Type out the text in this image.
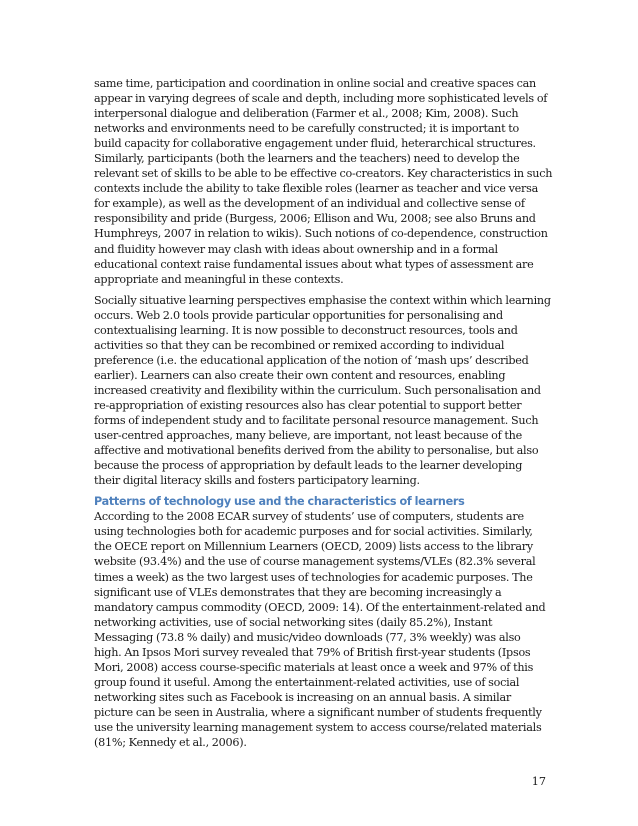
same time, participation and coordination in online social and creative spaces can
appear in varying degrees of scale and depth, including more sophisticated levels of
interpersonal dialogue and deliberation (Farmer et al., 2008; Kim, 2008). Such
networks and environments need to be carefully constructed; it is important to
build capacity for collaborative engagement under fluid, heterarchical structures.
Similarly, participants (both the learners and the teachers) need to develop the
relevant set of skills to be able to be effective co-creators. Key characteristics in such
contexts include the ability to take flexible roles (learner as teacher and vice versa
for example), as well as the development of an individual and collective sense of
responsibility and pride (Burgess, 2006; Ellison and Wu, 2008; see also Bruns and
Humphreys, 2007 in relation to wikis). Such notions of co-dependence, construction
and fluidity however may clash with ideas about ownership and in a formal
educational context raise fundamental issues about what types of assessment are
appropriate and meaningful in these contexts.

Socially situative learning perspectives emphasise the context within which learning
occurs. Web 2.0 tools provide particular opportunities for personalising and
contextualising learning. It is now possible to deconstruct resources, tools and
activities so that they can be recombined or remixed according to individual
preference (i.e. the educational application of the notion of ‘mash ups’ described
earlier). Learners can also create their own content and resources, enabling
increased creativity and flexibility within the curriculum. Such personalisation and
re-appropriation of existing resources also has clear potential to support better
forms of independent study and to facilitate personal resource management. Such
user-centred approaches, many believe, are important, not least because of the
affective and motivational benefits derived from the ability to personalise, but also
because the process of appropriation by default leads to the learner developing
their digital literacy skills and fosters participatory learning.

Patterns of technology use and the characteristics of learners

According to the 2008 ECAR survey of students’ use of computers, students are
using technologies both for academic purposes and for social activities. Similarly,
the OECE report on Millennium Learners (OECD, 2009) lists access to the library
website (93.4%) and the use of course management systems/VLEs (82.3% several
times a week) as the two largest uses of technologies for academic purposes. The
significant use of VLEs demonstrates that they are becoming increasingly a
mandatory campus commodity (OECD, 2009: 14). Of the entertainment-related and
networking activities, use of social networking sites (daily 85.2%), Instant
Messaging (73.8 % daily) and music/video downloads (77, 3% weekly) was also
high. An Ipsos Mori survey revealed that 79% of British first-year students (Ipsos
Mori, 2008) access course-specific materials at least once a week and 97% of this
group found it useful. Among the entertainment-related activities, use of social
networking sites such as Facebook is increasing on an annual basis. A similar
picture can be seen in Australia, where a significant number of students frequently
use the university learning management system to access course/related materials
(81%; Kennedy et al., 2006).

17
